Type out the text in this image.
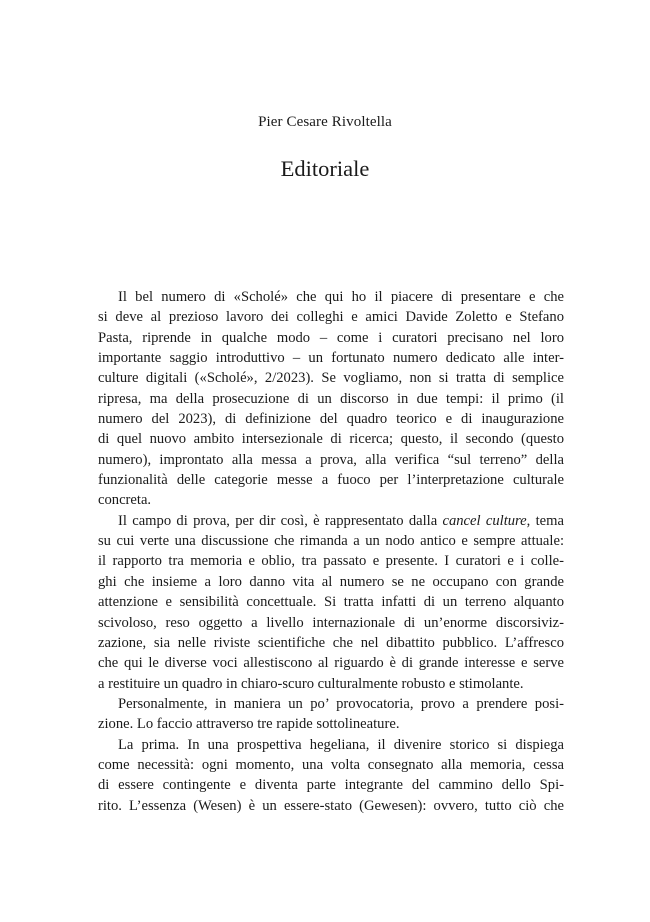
Pier Cesare Rivoltella
Editoriale
Il bel numero di «Scholé» che qui ho il piacere di presentare e che
si deve al prezioso lavoro dei colleghi e amici Davide Zoletto e Stefano
Pasta, riprende in qualche modo – come i curatori precisano nel loro
importante saggio introduttivo – un fortunato numero dedicato alle inter-
culture digitali («Scholé», 2/2023). Se vogliamo, non si tratta di semplice
ripresa, ma della prosecuzione di un discorso in due tempi: il primo (il
numero del 2023), di definizione del quadro teorico e di inaugurazione
di quel nuovo ambito intersezionale di ricerca; questo, il secondo (questo
numero), improntato alla messa a prova, alla verifica “sul terreno” della
funzionalità delle categorie messe a fuoco per l’interpretazione culturale
concreta.
Il campo di prova, per dir così, è rappresentato dalla cancel culture, tema
su cui verte una discussione che rimanda a un nodo antico e sempre attuale:
il rapporto tra memoria e oblio, tra passato e presente. I curatori e i colle-
ghi che insieme a loro danno vita al numero se ne occupano con grande
attenzione e sensibilità concettuale. Si tratta infatti di un terreno alquanto
scivoloso, reso oggetto a livello internazionale di un’enorme discorsiviz-
zazione, sia nelle riviste scientifiche che nel dibattito pubblico. L’affresco
che qui le diverse voci allestiscono al riguardo è di grande interesse e serve
a restituire un quadro in chiaro-scuro culturalmente robusto e stimolante.
Personalmente, in maniera un po’ provocatoria, provo a prendere posi-
zione. Lo faccio attraverso tre rapide sottolineature.
La prima. In una prospettiva hegeliana, il divenire storico si dispiega
come necessità: ogni momento, una volta consegnato alla memoria, cessa
di essere contingente e diventa parte integrante del cammino dello Spi-
rito. L’essenza (Wesen) è un essere-stato (Gewesen): ovvero, tutto ciò che
